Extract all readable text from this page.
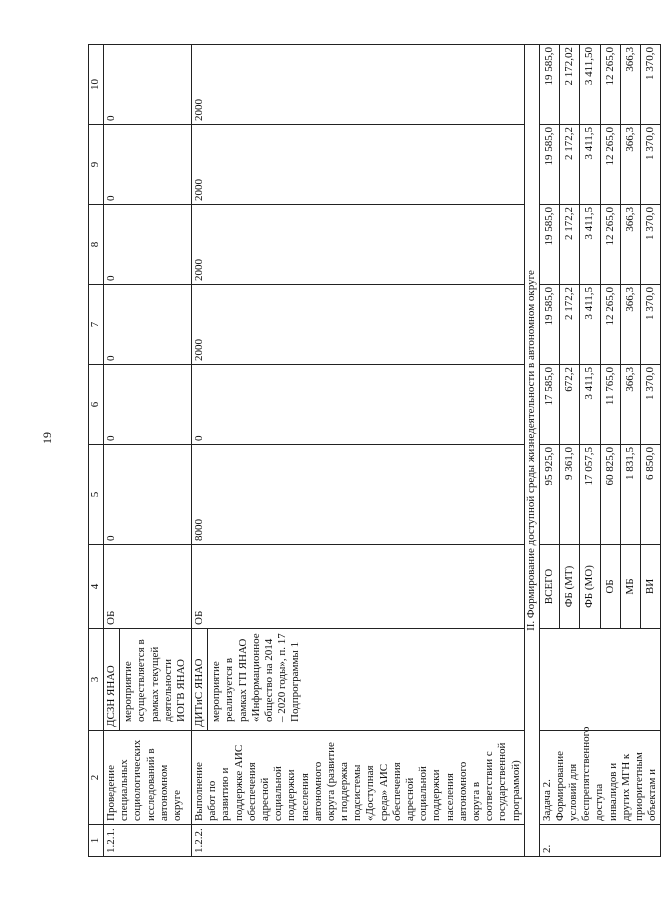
19
1	2	3	4	5	6	7	8	9	10
1.2.1.	Проведение специальных социологических исследований в автономном округе	ДСЗН ЯНАО мероприятие осуществляется в рамках текущей деятельности ИОГВ ЯНАО	ОБ	0	0	0	0	0	0
1.2.2.	Выполнение работ по развитию и поддержке АИС обеспечения адресной социальной поддержки населения автономного округа (развитие и поддержка подсистемы «Доступная среда» АИС обеспечения адресной социальной поддержки населения автономного округа в соответствии с государственной программой)	ДИТиС ЯНАО мероприятие реализуется в рамках ГП ЯНАО «Информационное общество на 2014 – 2020 годы», п. 17 Подпрограммы 1	ОБ	8000	0	2000	2000	2000	2000
II. Формирование доступной среды жизнедеятельности в автономном округе									
2.	Задача 2. Формирование условий для беспрепятственного доступа инвалидов и других МГН к приоритетным объектам и		ВСЕГО	95 925,0	17 585,0	19 585,0	19 585,0	19 585,0	19 585,0
			ФБ (МТ)	9 361,0	672,2	2 172,2	2 172,2	2 172,2	2 172,02
			ФБ (МО)	17 057,5	3 411,5	3 411,5	3 411,5	3 411,5	3 411,50
			ОБ	60 825,0	11 765,0	12 265,0	12 265,0	12 265,0	12 265,0
			МБ	1 831,5	366,3	366,3	366,3	366,3	366,3
			ВИ	6 850,0	1 370,0	1 370,0	1 370,0	1 370,0	1 370,0
